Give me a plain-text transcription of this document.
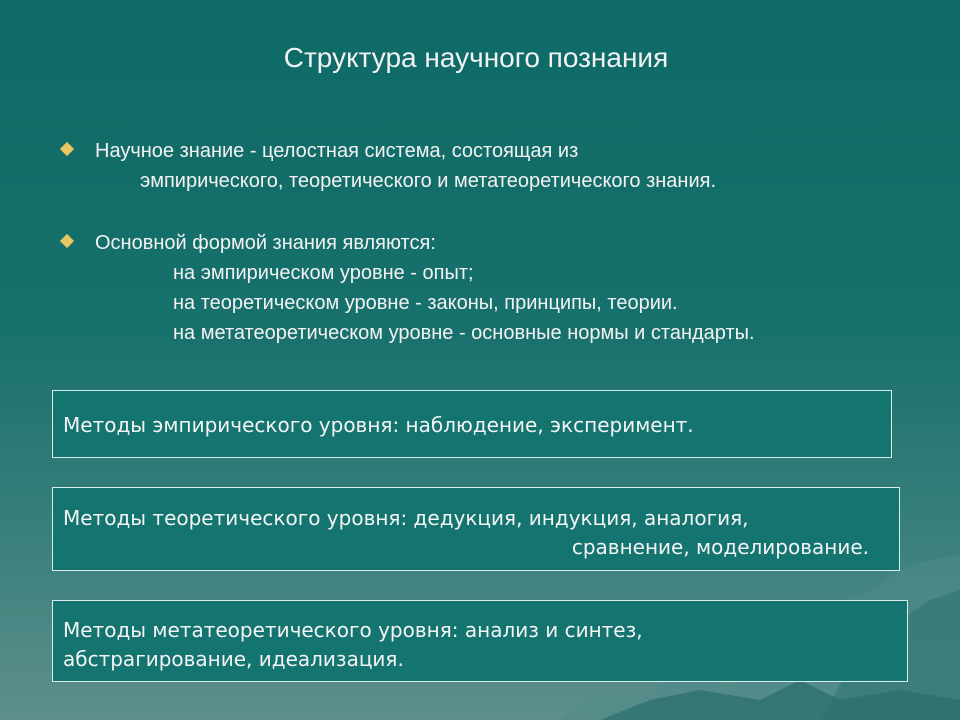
Структура научного познания
Научное знание - целостная система, состоящая из
эмпирического, теоретического и метатеоретического знания.
Основной формой знания являются:
на эмпирическом уровне - опыт;
на теоретическом уровне - законы, принципы, теории.
на метатеоретическом уровне - основные нормы и стандарты.
Методы эмпирического уровня: наблюдение, эксперимент.
Методы теоретического уровня: дедукция, индукция, аналогия,
сравнение, моделирование.
Методы метатеоретического уровня: анализ и синтез,
абстрагирование, идеализация.
